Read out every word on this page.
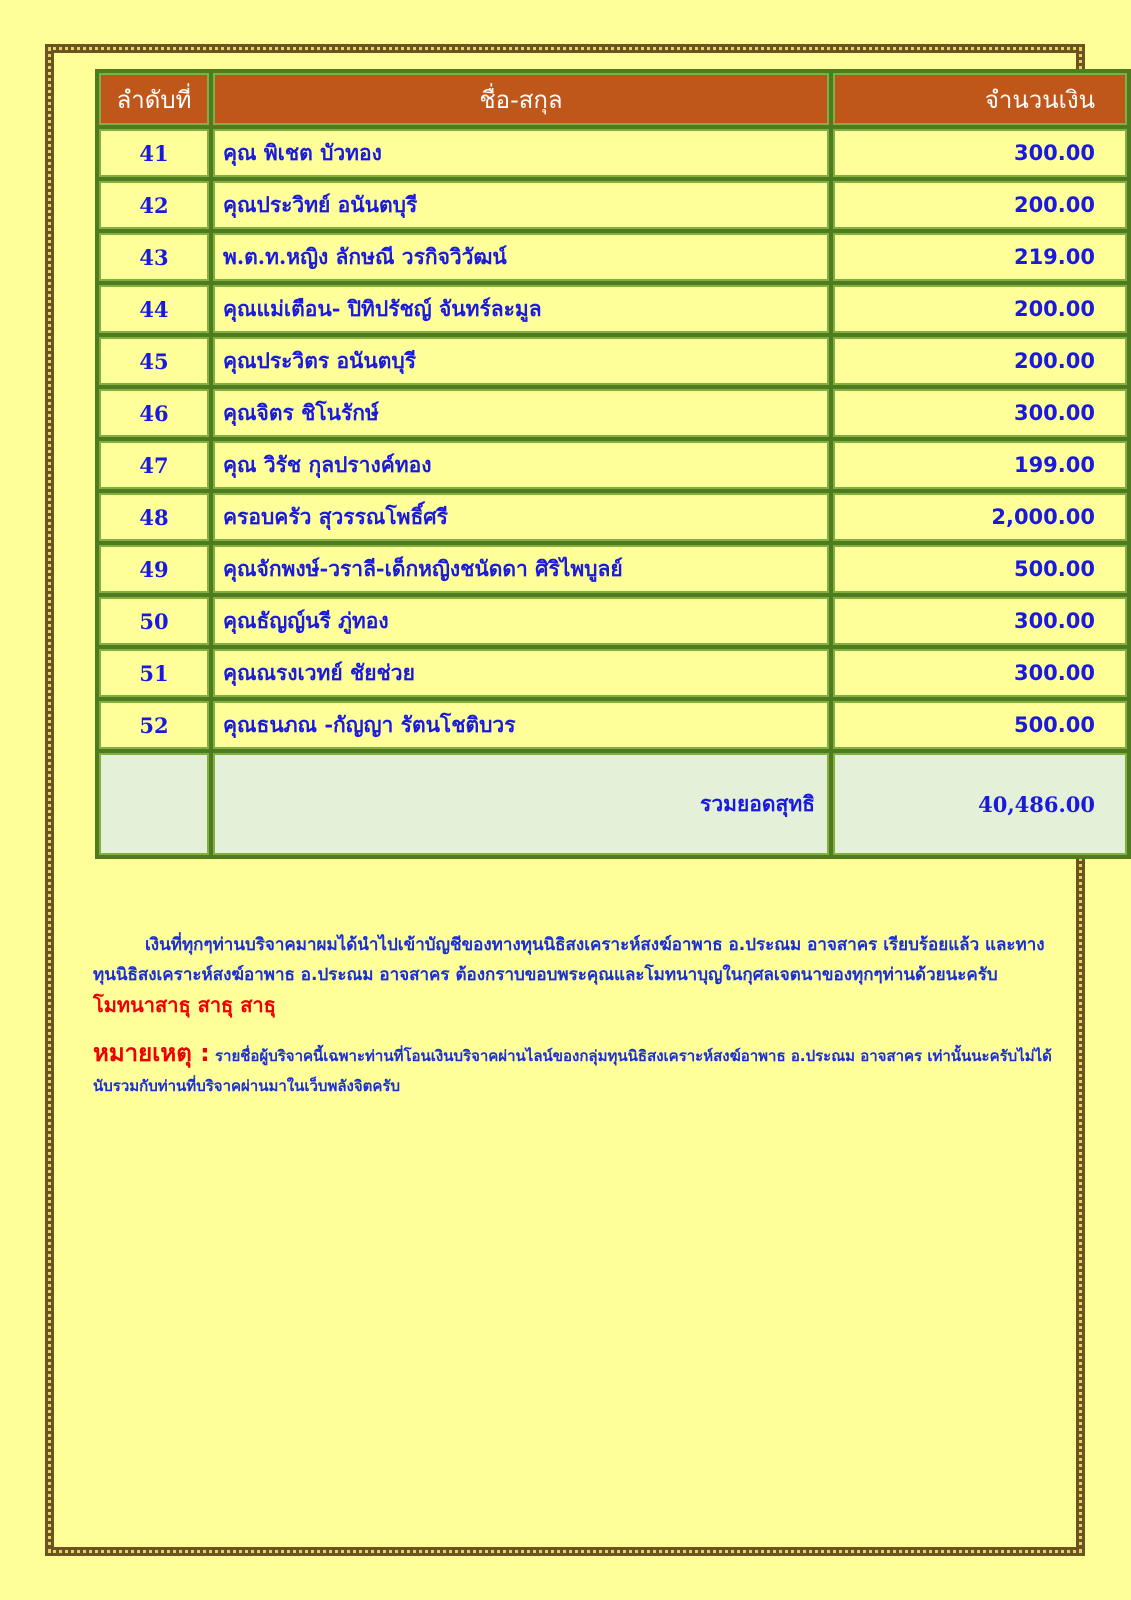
ลำดับที่	ชื่อ-สกุล	จำนวนเงิน
41	คุณ พิเชต บัวทอง	300.00
42	คุณประวิทย์ อนันตบุรี	200.00
43	พ.ต.ท.หญิง ลักษณี วรกิจวิวัฒน์	219.00
44	คุณแม่เตือน- ปิทิปรัชญ์ จันทร์ละมูล	200.00
45	คุณประวิตร อนันตบุรี	200.00
46	คุณจิตร ชิโนรักษ์	300.00
47	คุณ วิรัช กุลปรางค์ทอง	199.00
48	ครอบครัว สุวรรณโพธิ์ศรี	2,000.00
49	คุณจักพงษ์-วราลี-เด็กหญิงชนัดดา ศิริไพบูลย์	500.00
50	คุณธัญญ์นรี ภู่ทอง	300.00
51	คุณณรงเวทย์ ชัยช่วย	300.00
52	คุณธนภณ -กัญญา รัตนโชติบวร	500.00
	รวมยอดสุทธิ	40,486.00
เงินที่ทุกๆท่านบริจาคมาผมได้นำไปเข้าบัญชีของทางทุนนิธิสงเคราะห์สงฆ์อาพาธ อ.ประณม อาจสาคร เรียบร้อยแล้ว และทางทุนนิธิสงเคราะห์สงฆ์อาพาธ อ.ประณม อาจสาคร ต้องกราบขอบพระคุณและโมทนาบุญในกุศลเจตนาของทุกๆท่านด้วยนะครับ โมทนาสาธุ สาธุ สาธุ
หมายเหตุ : รายชื่อผู้บริจาคนี้เฉพาะท่านที่โอนเงินบริจาคผ่านไลน์ของกลุ่มทุนนิธิสงเคราะห์สงฆ์อาพาธ อ.ประณม อาจสาคร เท่านั้นนะครับไม่ได้นับรวมกับท่านที่บริจาคผ่านมาในเว็บพลังจิตครับ
